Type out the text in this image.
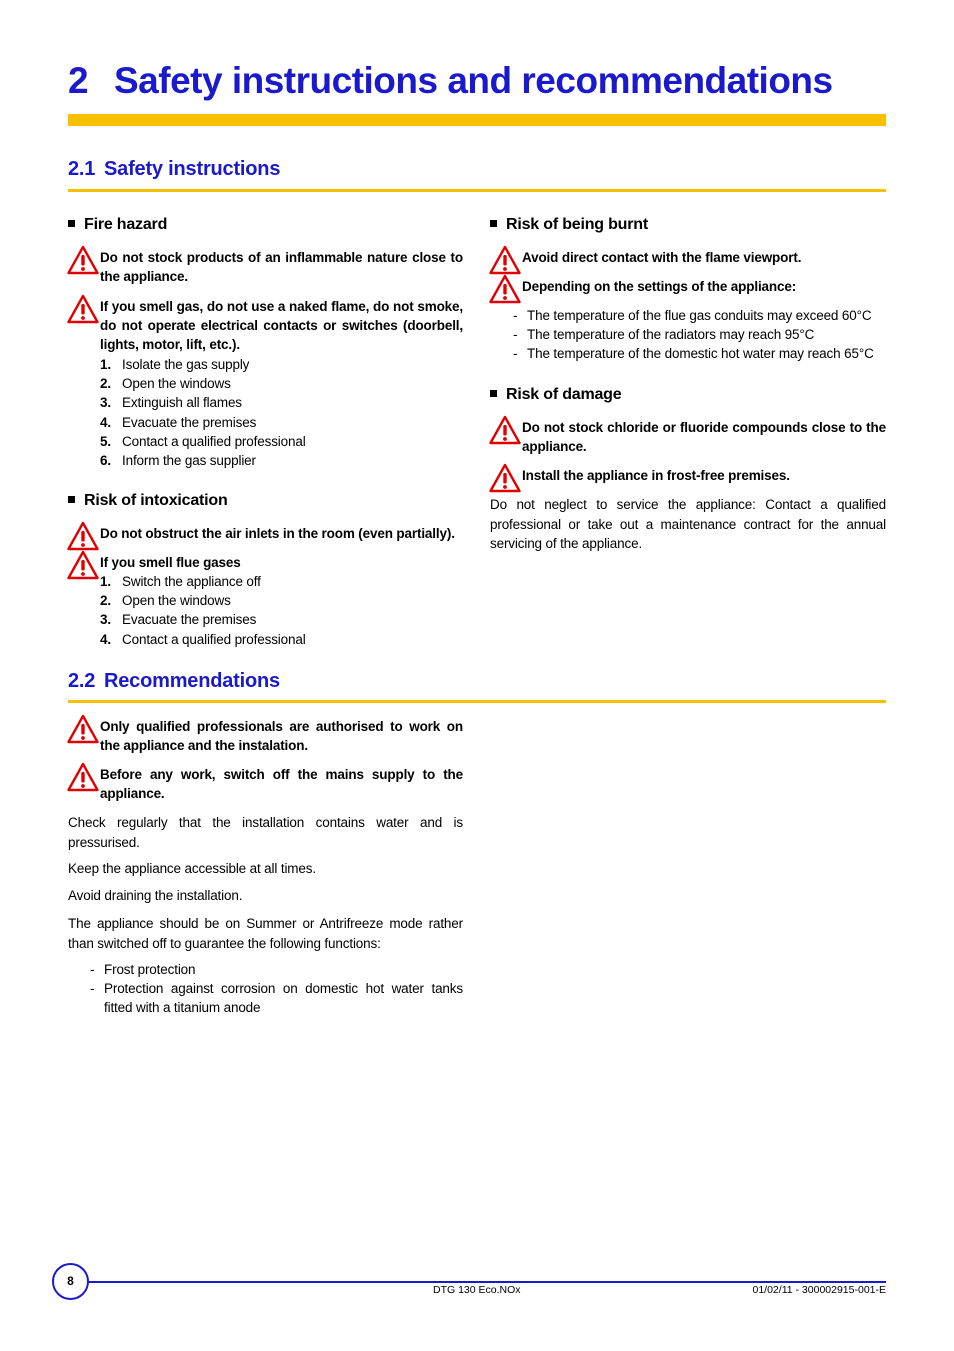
2 Safety instructions and recommendations
2.1 Safety instructions
Fire hazard
Do not stock products of an inflammable nature close to the appliance.
If you smell gas, do not use a naked flame, do not smoke, do not operate electrical contacts or switches (doorbell, lights, motor, lift, etc.).
1. Isolate the gas supply
2. Open the windows
3. Extinguish all flames
4. Evacuate the premises
5. Contact a qualified professional
6. Inform the gas supplier
Risk of intoxication
Do not obstruct the air inlets in the room (even partially).
If you smell flue gases
1. Switch the appliance off
2. Open the windows
3. Evacuate the premises
4. Contact a qualified professional
Risk of being burnt
Avoid direct contact with the flame viewport.
Depending on the settings of the appliance:
- The temperature of the flue gas conduits may exceed 60°C
- The temperature of the radiators may reach 95°C
- The temperature of the domestic hot water may reach 65°C
Risk of damage
Do not stock chloride or fluoride compounds close to the appliance.
Install the appliance in frost-free premises.
Do not neglect to service the appliance: Contact a qualified professional or take out a maintenance contract for the annual servicing of the appliance.
2.2 Recommendations
Only qualified professionals are authorised to work on the appliance and the instalation.
Before any work, switch off the mains supply to the appliance.
Check regularly that the installation contains water and is pressurised.
Keep the appliance accessible at all times.
Avoid draining the installation.
The appliance should be on Summer or Antrifreeze mode rather than switched off to guarantee the following functions:
- Frost protection
- Protection against corrosion on domestic hot water tanks fitted with a titanium anode
8
DTG 130 Eco.NOx	01/02/11 - 300002915-001-E
